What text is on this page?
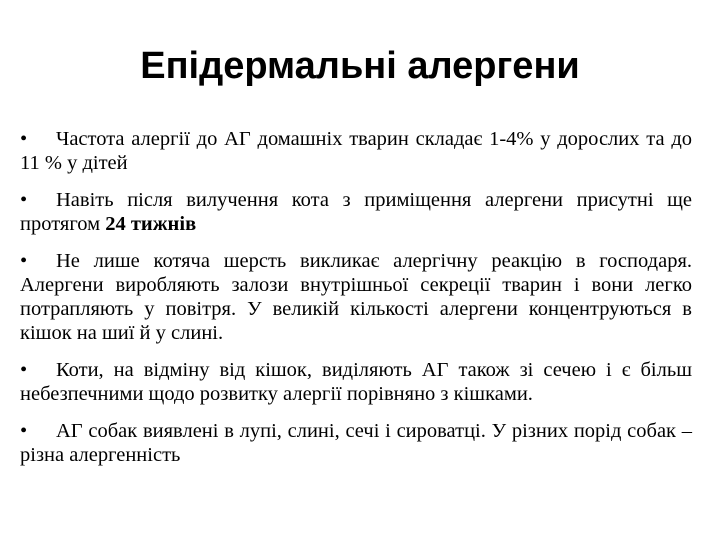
Епідермальні алергени
• Частота алергії до АГ домашніх тварин складає 1-4% у дорослих та до 11 % у дітей
• Навіть після вилучення кота з приміщення алергени присутні ще протягом 24 тижнів
• Не лише котяча шерсть викликає алергічну реакцію в господаря. Алергени виробляють залози внутрішньої секреції тварин і вони легко потрапляють у повітря. У великій кількості алергени концентруються в кішок на шиї й у слині.
• Коти, на відміну від кішок, виділяють АГ також зі сечею і є більш небезпечними щодо розвитку алергії порівняно з кішками.
• АГ собак виявлені в лупі, слині, сечі і сироватці. У різних порід собак – різна алергенність
